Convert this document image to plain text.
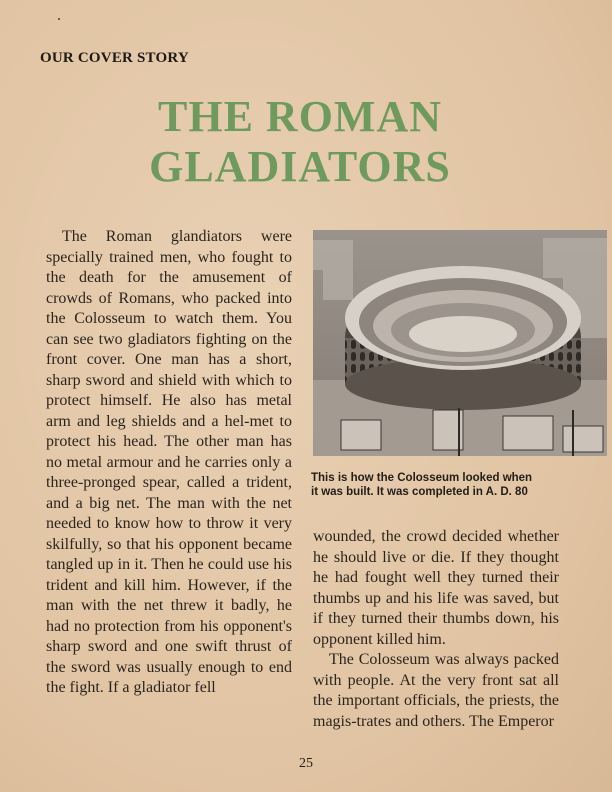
OUR COVER STORY
THE ROMAN GLADIATORS

The Roman glandiators were specially trained men, who fought to the death for the amusement of crowds of Romans, who packed into the Colosseum to watch them. You can see two gladiators fighting on the front cover. One man has a short, sharp sword and shield with which to protect himself. He also has metal arm and leg shields and a hel-met to protect his head. The other man has no metal armour and he carries only a three-pronged spear, called a trident, and a big net. The man with the net needed to know how to throw it very skilfully, so that his opponent became tangled up in it. Then he could use his trident and kill him. However, if the man with the net threw it badly, he had no protection from his opponent's sharp sword and one swift thrust of the sword was usually enough to end the fight. If a gladiator fell

This is how the Colosseum looked when it was built. It was completed in A. D. 80

wounded, the crowd decided whether he should live or die. If they thought he had fought well they turned their thumbs up and his life was saved, but if they turned their thumbs down, his opponent killed him.

The Colosseum was always packed with people. At the very front sat all the important officials, the priests, the magis-trates and others. The Emperor

25
